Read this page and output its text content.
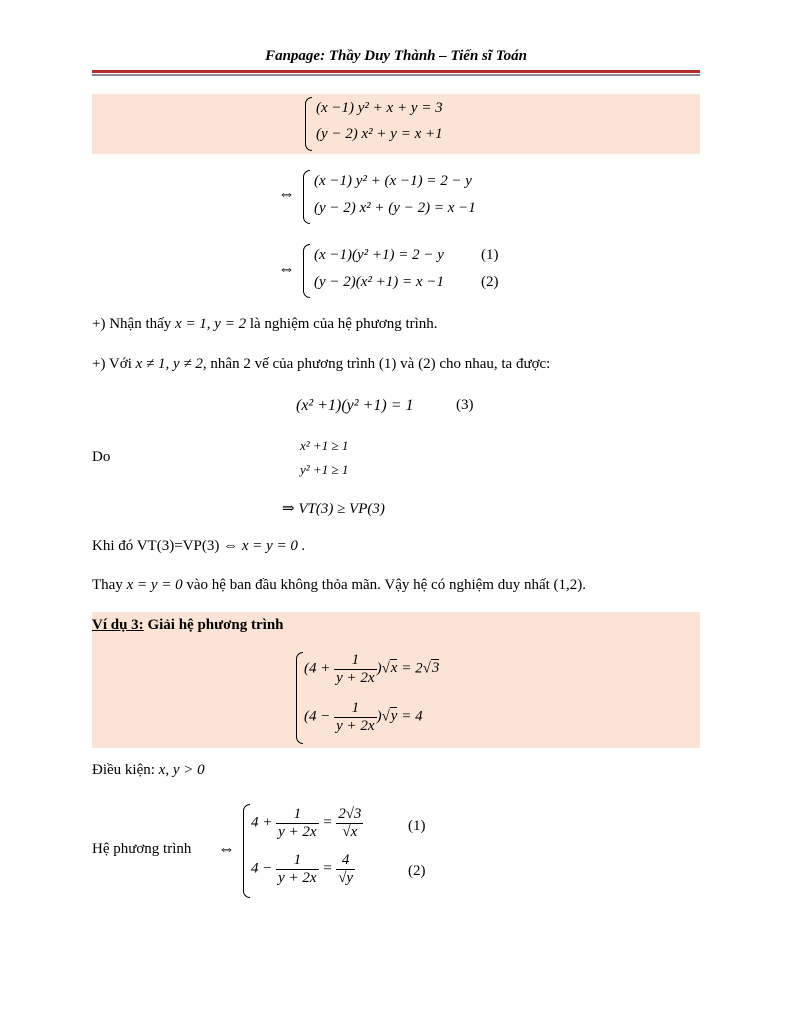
Fanpage: Thầy Duy Thành – Tiến sĩ Toán
(x −1) y² + x + y = 3
(y − 2) x² + y = x +1
⇔
(x −1) y² + (x −1) = 2 − y
(y − 2) x² + (y − 2) = x −1
⇔
(x −1)(y² +1) = 2 − y (1)
(y − 2)(x² +1) = x −1 (2)
+) Nhận thấy x = 1, y = 2 là nghiệm của hệ phương trình.
+) Với x ≠ 1, y ≠ 2, nhân 2 vế của phương trình (1) và (2) cho nhau, ta được:
(x² +1)(y² +1) = 1	(3)
Do
x² +1 ≥ 1
y² +1 ≥ 1
⇒ VT(3) ≥ VP(3)
Khi đó VT(3)=VP(3) ⇔ x = y = 0 .
Thay x = y = 0 vào hệ ban đầu không thỏa mãn. Vậy hệ có nghiệm duy nhất (1,2).
Ví dụ 3: Giải hệ phương trình
$(4 + \frac{1}{y + 2x} )√x = 2√3$
$(4 - \frac{1}{y + 2x} )√y = 4$
Điều kiện: x, y > 0
Hệ phương trình ⇔
$4 + \frac{1}{y + 2x} = \frac{2√3}{√x}$	(1)
$4 - \frac{1}{y + 2x} = \frac{4}{√y}$	(2)
